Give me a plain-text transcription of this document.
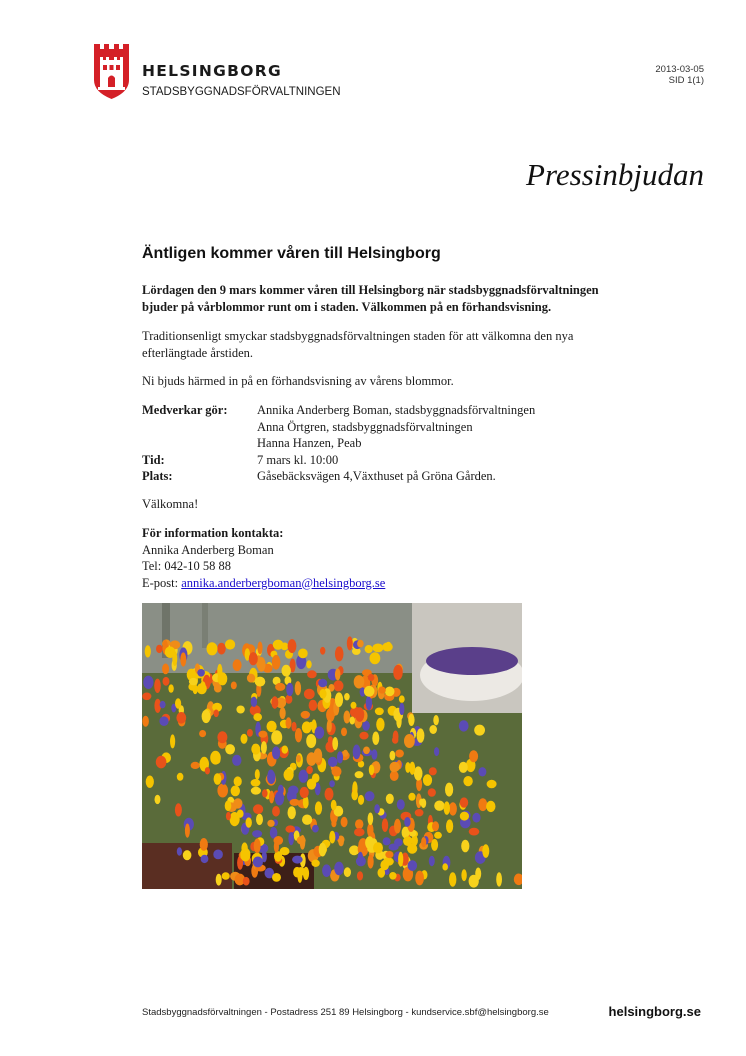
HELSINGBORG
STADSBYGGNADSFÖRVALTNINGEN
2013-03-05
SID 1(1)
Pressinbjudan
Äntligen kommer våren till Helsingborg

Lördagen den 9 mars kommer våren till Helsingborg när stadsbyggnadsförvaltningen bjuder på vårblommor runt om i staden. Välkommen på en förhandsvisning.

Traditionsenligt smyckar stadsbyggnadsförvaltningen staden för att välkomna den nya efterlängtade årstiden.

Ni bjuds härmed in på en förhandsvisning av vårens blommor.

Medverkar gör:	Annika Anderberg Boman, stadsbyggnadsförvaltningen
Anna Örtgren, stadsbyggnadsförvaltningen
Hanna Hanzen, Peab
Tid:	7 mars kl. 10:00
Plats:	Gåsebäcksvägen 4,Växthuset på Gröna Gården.

Välkomna!

För information kontakta:
Annika Anderberg Boman
Tel: 042-10 58 88
E-post: annika.anderbergboman@helsingborg.se
Stadsbyggnadsförvaltningen - Postadress 251 89 Helsingborg - kundservice.sbf@helsingborg.se	helsingborg.se
